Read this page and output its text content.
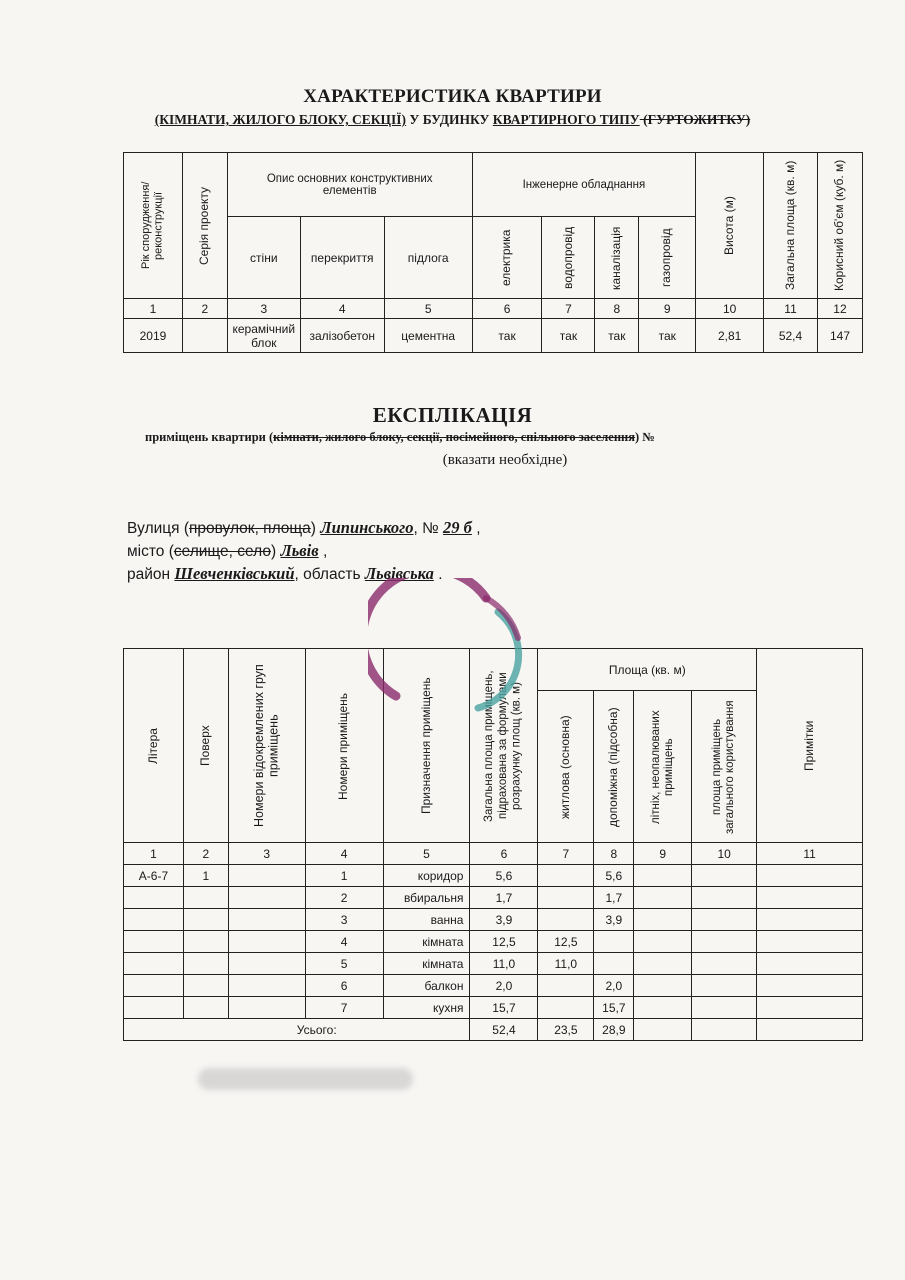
ХАРАКТЕРИСТИКА КВАРТИРИ
(КІМНАТИ, ЖИЛОГО БЛОКУ, СЕКЦІЇ) У БУДИНКУ КВАРТИРНОГО ТИПУ (ГУРТОЖИТКУ)
Рік спорудження/ реконструкції	Серія проекту	Опис основних конструктивних елементів			Інженерне обладнання				Висота (м)	Загальна площа (кв. м)	Корисний об'єм (куб. м)

		стіни	перекриття	підлога	електрика	водопровід	каналізація	газопровід			

1	2	3	4	5	6	7	8	9	10	11	12
2019		керамічний блок	залізобетон	цементна	так	так	так	так	2,81	52,4	147
ЕКСПЛІКАЦІЯ
приміщень квартири (кімнати, жилого блоку, секції, посімейного, спільного заселення) №
(вказати необхідне)
Вулиця (провулок, площа) Липинського, № 29 б ,
місто (селище, село) Львів ,
район Шевченківський, область Львівська .
Літера	Поверх	Номери відокремлених груп приміщень	Номери приміщень	Призначення приміщень	Загальна площа приміщень, підрахована за формулами розрахунку площ (кв. м)	Площа (кв. м)				Примітки

						житлова (основна)	допоміжна (підсобна)	літніх, неопалюваних приміщень	площа приміщень загального користування	

1	2	3	4	5	6	7	8	9	10	11
А-6-7	1		1	коридор	5,6		5,6			
			2	вбиральня	1,7		1,7			
			3	ванна	3,9		3,9			
			4	кімната	12,5	12,5				
			5	кімната	11,0	11,0				
			6	балкон	2,0		2,0			
			7	кухня	15,7		15,7			
Усього:					52,4	23,5	28,9			
